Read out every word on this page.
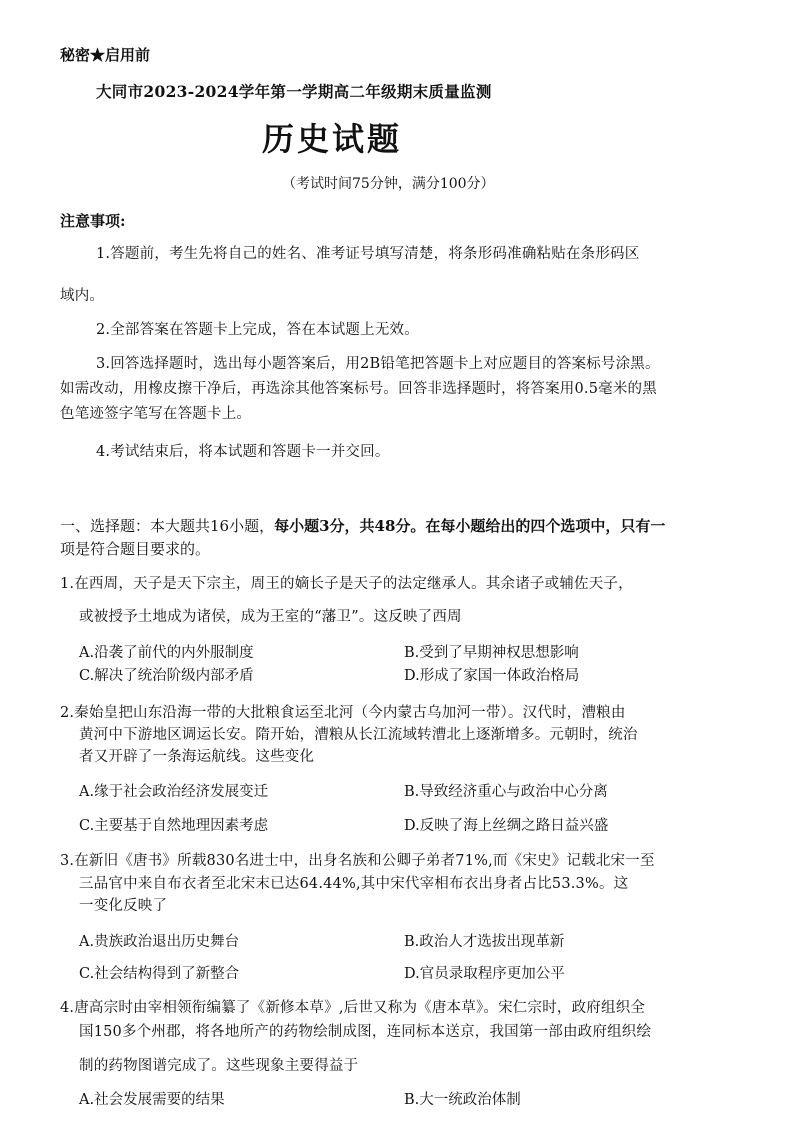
秘密★启用前
大同市2023-2024学年第一学期高二年级期末质量监测
历史试题
（考试时间75分钟，满分100分）
注意事项:
1.答题前，考生先将自己的姓名、准考证号填写清楚，将条形码准确粘贴在条形码区
域内。
2.全部答案在答题卡上完成，答在本试题上无效。
3.回答选择题时，选出每小题答案后，用2B铅笔把答题卡上对应题目的答案标号涂黑。
如需改动，用橡皮擦干净后，再选涂其他答案标号。回答非选择题时，将答案用0.5毫米的黑
色笔迹签字笔写在答题卡上。
4.考试结束后，将本试题和答题卡一并交回。
一、选择题：本大题共16小题，每小题3分，共48分。在每小题给出的四个选项中，只有一
项是符合题目要求的。
1.在西周，天子是天下宗主，周王的嫡长子是天子的法定继承人。其余诸子或辅佐天子，
或被授予土地成为诸侯，成为王室的“藩卫”。这反映了西周
A.沿袭了前代的内外服制度	B.受到了早期神权思想影响
C.解决了统治阶级内部矛盾	D.形成了家国一体政治格局
2.秦始皇把山东沿海一带的大批粮食运至北河（今内蒙古乌加河一带）。汉代时，漕粮由
黄河中下游地区调运长安。隋开始，漕粮从长江流域转漕北上逐渐增多。元朝时，统治
者又开辟了一条海运航线。这些变化
A.缘于社会政治经济发展变迁	B.导致经济重心与政治中心分离
C.主要基于自然地理因素考虑	D.反映了海上丝绸之路日益兴盛
3.在新旧《唐书》所载830名进士中，出身名族和公卿子弟者71%,而《宋史》记载北宋一至
三品官中来自布衣者至北宋末已达64.44%,其中宋代宰相布衣出身者占比53.3%。这
一变化反映了
A.贵族政治退出历史舞台	B.政治人才选拔出现革新
C.社会结构得到了新整合	D.官员录取程序更加公平
4.唐高宗时由宰相领衔编纂了《新修本草》,后世又称为《唐本草》。宋仁宗时，政府组织全
国150多个州郡，将各地所产的药物绘制成图，连同标本送京，我国第一部由政府组织绘
制的药物图谱完成了。这些现象主要得益于
A.社会发展需要的结果	B.大一统政治体制
